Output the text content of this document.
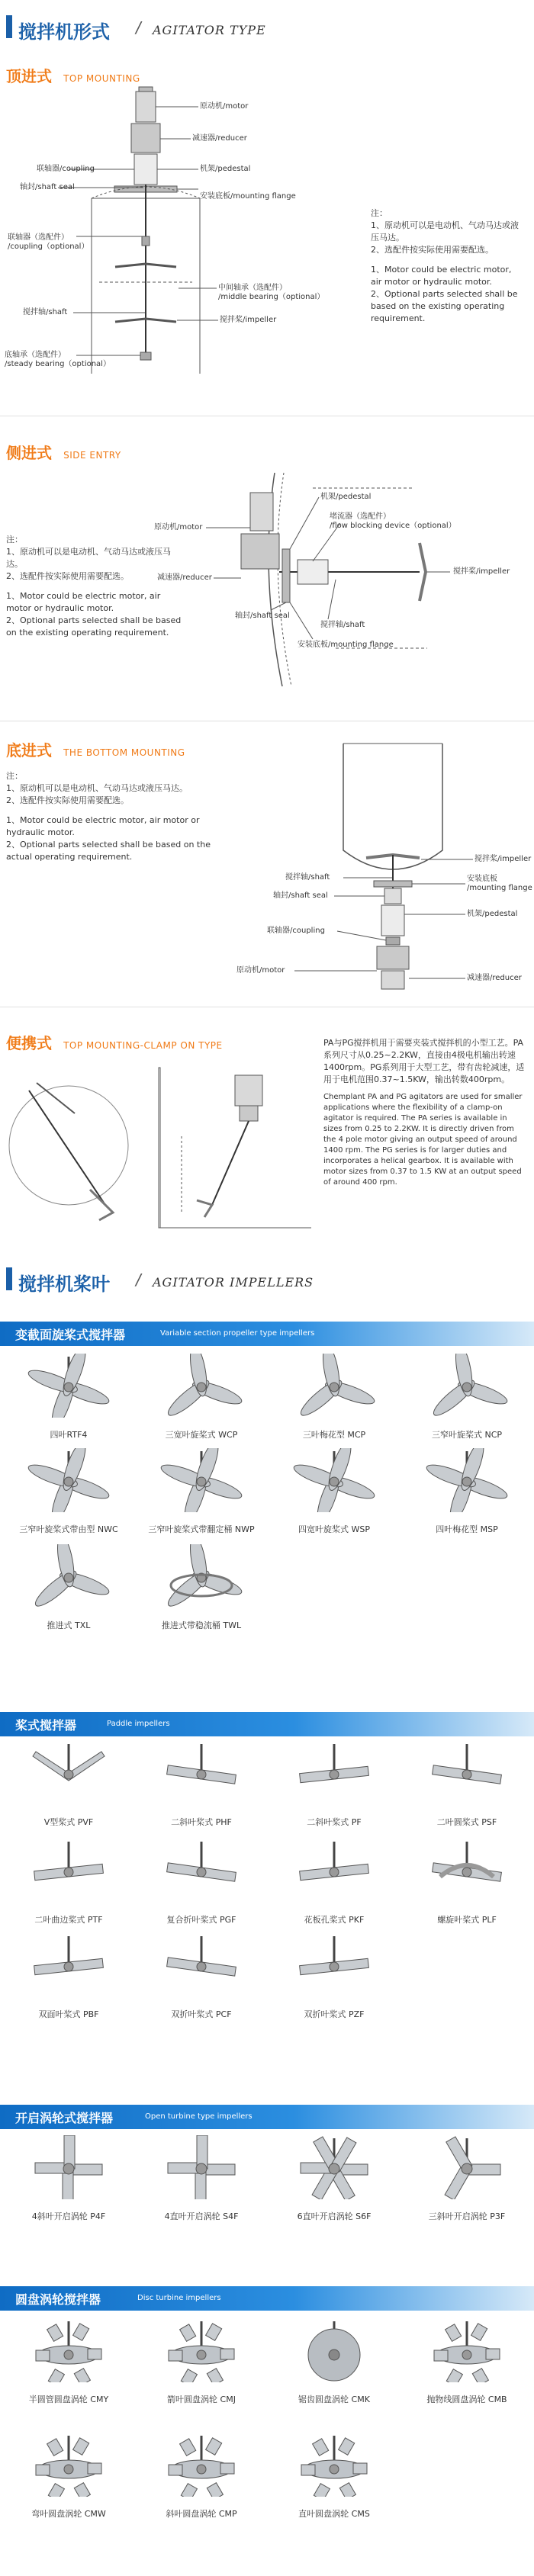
搅拌机形式 / AGITATOR TYPE
顶进式 TOP MOUNTING
原动机/motor
减速器/reducer
联轴器/coupling	机架/pedestal
轴封/shaft seal
安装底板/mounting flange
联轴器（选配件）
/coupling（optional）
中间轴承（选配件）
/middle bearing（optional）
搅拌轴/shaft
搅拌桨/impeller
底轴承（选配件）
/steady bearing（optional）
注：
1、原动机可以是电动机、气动马达或液压马达。
2、选配件按实际使用需要配选。
1、Motor could be electric motor, air motor or hydraulic motor.
2、Optional parts selected shall be based on the existing operating requirement.
侧进式 SIDE ENTRY
注：
1、原动机可以是电动机、气动马达或液压马达。
2、选配件按实际使用需要配选。
1、Motor could be electric motor, air motor or hydraulic motor.
2、Optional parts selected shall be based on the existing operating requirement.
原动机/motor
机架/pedestal
堵流器（选配件）
/flow blocking device（optional）
减速器/reducer
搅拌桨/impeller
轴封/shaft seal
搅拌轴/shaft
安装底板/mounting flange
底进式 THE BOTTOM MOUNTING
注：
1、原动机可以是电动机、气动马达或液压马达。
2、选配件按实际使用需要配选。
1、Motor could be electric motor, air motor or hydraulic motor.
2、Optional parts selected shall be based on the actual operating requirement.	搅拌桨/impeller
搅拌轴/shaft	安装底板
/mounting flange
轴封/shaft seal
机架/pedestal
联轴器/coupling
原动机/motor
减速器/reducer
便携式 TOP MOUNTING-CLAMP ON TYPE	PA与PG搅拌机用于需要夹装式搅拌机的小型工艺。PA系列尺寸从0.25~2.2KW，直接由4极电机输出转速1400rpm。PG系列用于大型工艺，带有齿轮减速，适用于电机范围0.37~1.5KW，输出转数400rpm。
Chemplant PA and PG agitators are used for smaller applications where the flexibility of a clamp-on agitator is required. The PA series is available in sizes from 0.25 to 2.2KW. It is directly driven from the 4 pole motor giving an output speed of around 1400 rpm. The PG series is for larger duties and incorporates a helical gearbox. It is available with motor sizes from 0.37 to 1.5 KW at an output speed of around 400 rpm.
搅拌机桨叶 / AGITATOR IMPELLERS
变截面旋桨式搅拌器	Variable section propeller type impellers
四叶RTF4	三宽叶旋桨式 WCP	三叶梅花型 MCP	三窄叶旋桨式 NCP
三窄叶旋桨式带由型 NWC	三窄叶旋桨式带翻定桶 NWP	四宽叶旋桨式 WSP	四叶梅花型 MSP
推进式 TXL	推进式带稳流桶 TWL
桨式搅拌器	Paddle impellers
V型桨式 PVF	二斜叶桨式 PHF	二斜叶桨式 PF	二叶圆桨式 PSF
二叶曲边桨式 PTF	复合折叶桨式 PGF	花板孔桨式 PKF	螺旋叶桨式 PLF
双面叶桨式 PBF	双折叶桨式 PCF	双折叶桨式 PZF
开启涡轮式搅拌器	Open turbine type impellers
4斜叶开启涡轮 P4F	4直叶开启涡轮 S4F	6直叶开启涡轮 S6F	三斜叶开启涡轮 P3F
圆盘涡轮搅拌器	Disc turbine impellers
半圆管圆盘涡轮 CMY	箭叶圆盘涡轮 CMJ	锯齿圆盘涡轮 CMK	抛物线圆盘涡轮 CMB
弯叶圆盘涡轮 CMW	斜叶圆盘涡轮 CMP	直叶圆盘涡轮 CMS
